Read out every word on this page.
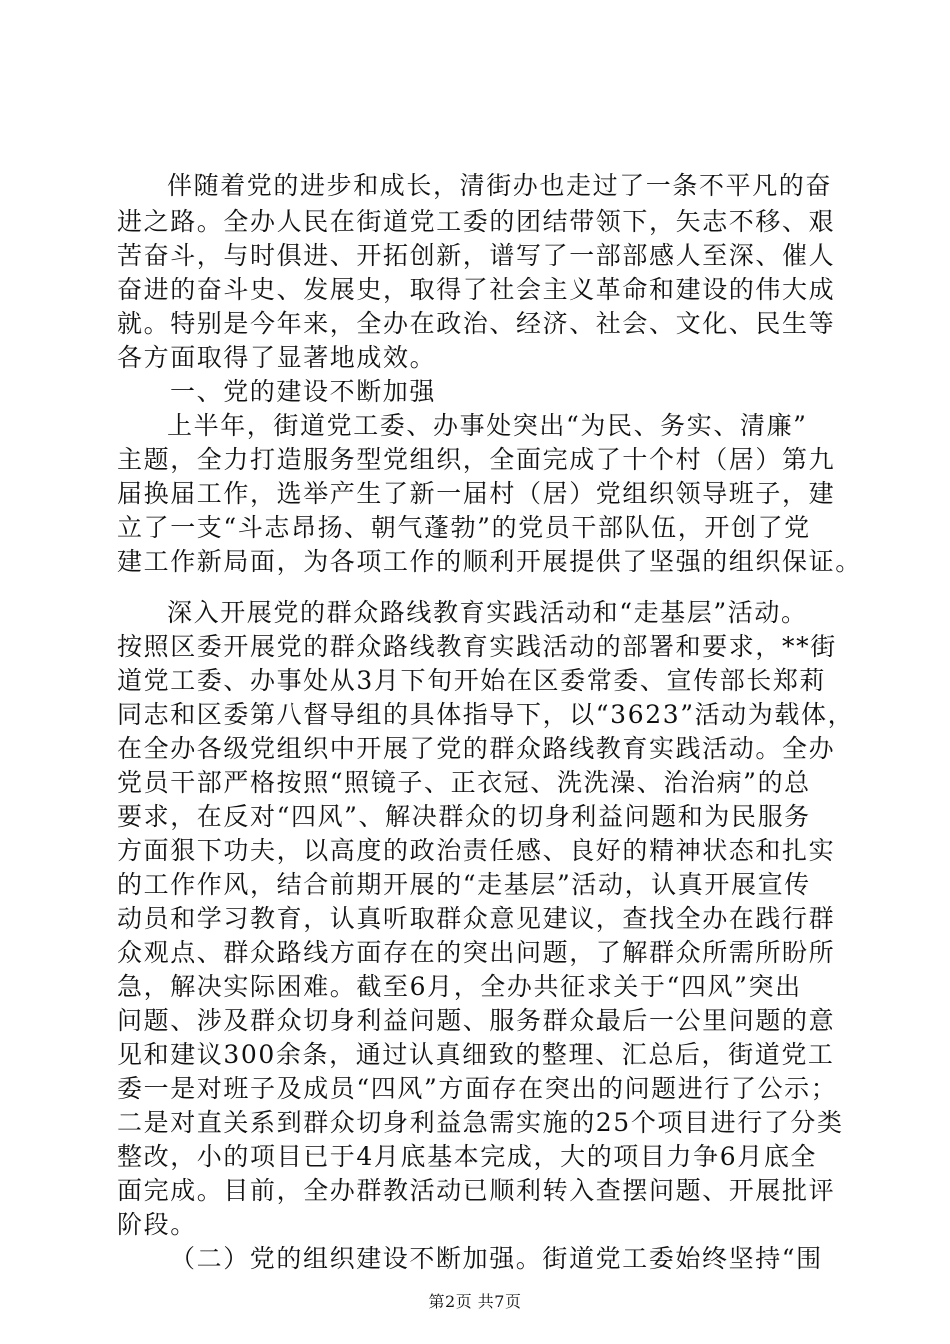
伴随着党的进步和成长，清街办也走过了一条不平凡的奋
进之路。全办人民在街道党工委的团结带领下，矢志不移、艰
苦奋斗，与时俱进、开拓创新，谱写了一部部感人至深、催人
奋进的奋斗史、发展史，取得了社会主义革命和建设的伟大成
就。特别是今年来，全办在政治、经济、社会、文化、民生等
各方面取得了显著地成效。
一、党的建设不断加强
上半年，街道党工委、办事处突出“为民、务实、清廉”
主题，全力打造服务型党组织，全面完成了十个村（居）第九
届换届工作，选举产生了新一届村（居）党组织领导班子，建
立了一支“斗志昂扬、朝气蓬勃”的党员干部队伍，开创了党
建工作新局面，为各项工作的顺利开展提供了坚强的组织保证。
深入开展党的群众路线教育实践活动和“走基层”活动。
按照区委开展党的群众路线教育实践活动的部署和要求，**街
道党工委、办事处从3月下旬开始在区委常委、宣传部长郑莉
同志和区委第八督导组的具体指导下，以“3623”活动为载体，
在全办各级党组织中开展了党的群众路线教育实践活动。全办
党员干部严格按照“照镜子、正衣冠、洗洗澡、治治病”的总
要求，在反对“四风”、解决群众的切身利益问题和为民服务
方面狠下功夫，以高度的政治责任感、良好的精神状态和扎实
的工作作风，结合前期开展的“走基层”活动，认真开展宣传
动员和学习教育，认真听取群众意见建议，查找全办在践行群
众观点、群众路线方面存在的突出问题，了解群众所需所盼所
急，解决实际困难。截至6月，全办共征求关于“四风”突出
问题、涉及群众切身利益问题、服务群众最后一公里问题的意
见和建议300余条，通过认真细致的整理、汇总后，街道党工
委一是对班子及成员“四风”方面存在突出的问题进行了公示；
二是对直关系到群众切身利益急需实施的25个项目进行了分类
整改，小的项目已于4月底基本完成，大的项目力争6月底全
面完成。目前，全办群教活动已顺利转入查摆问题、开展批评
阶段。
（二）党的组织建设不断加强。街道党工委始终坚持“围
第2页 共7页
